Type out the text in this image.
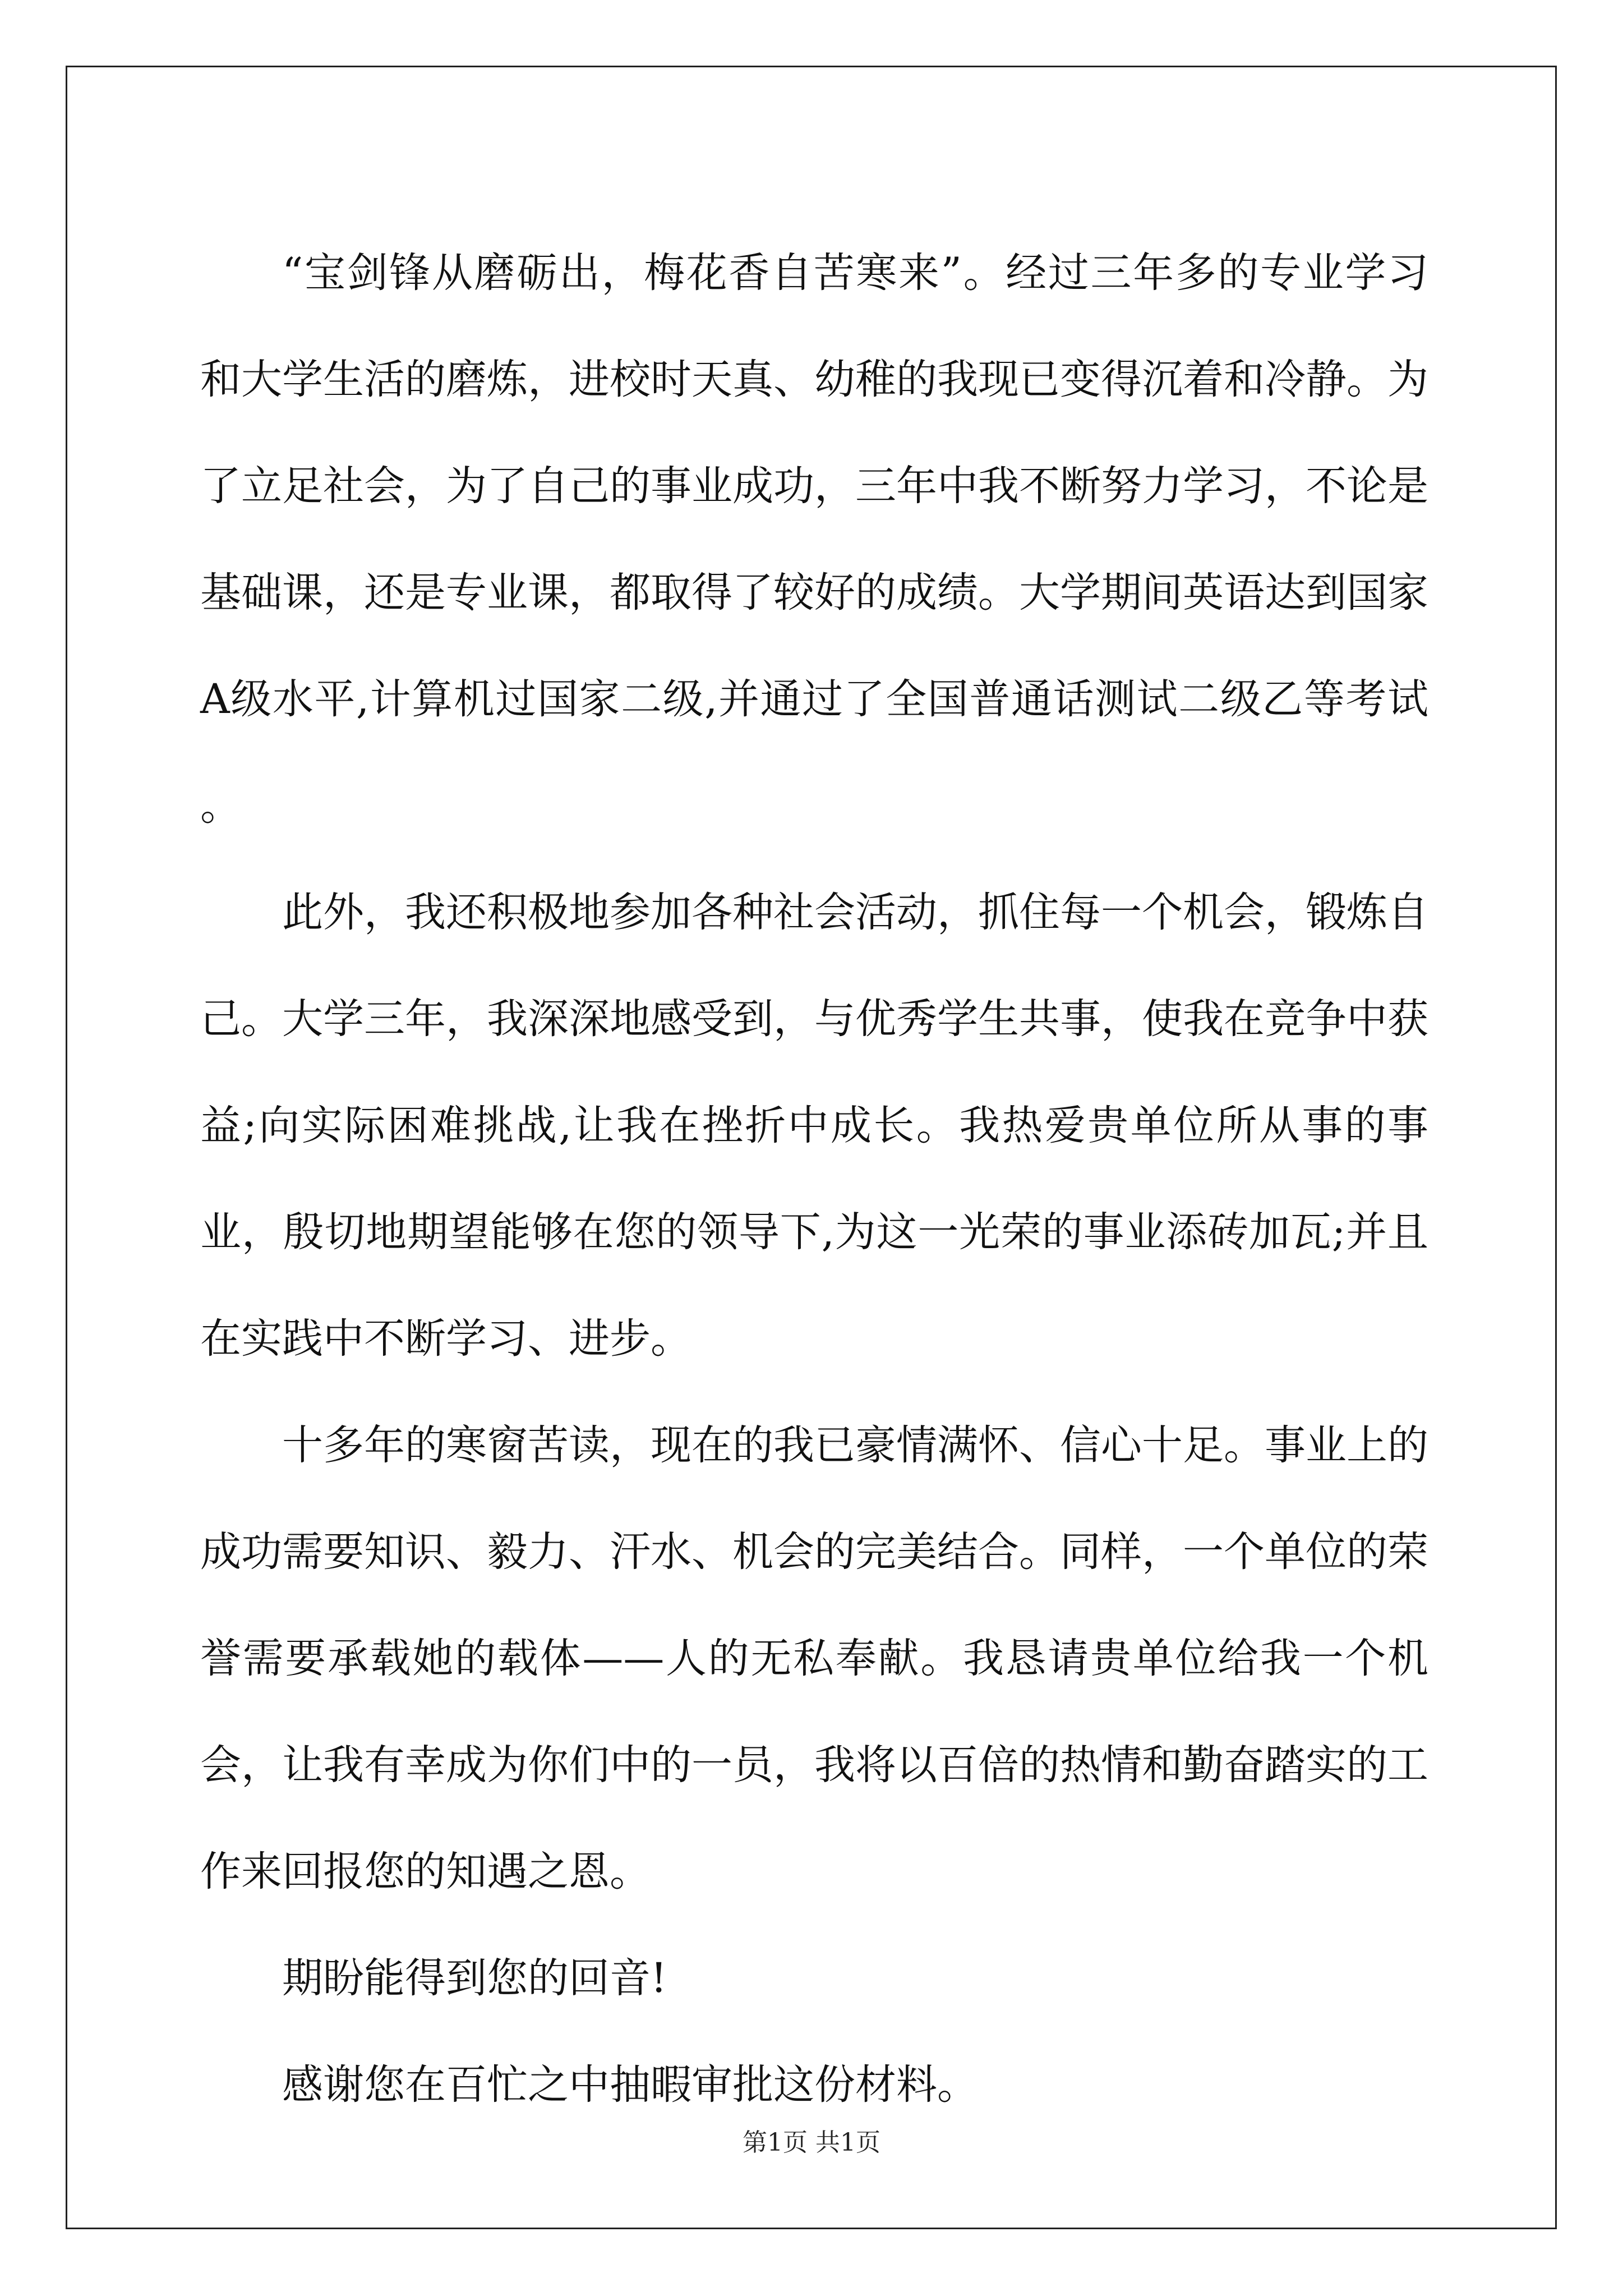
“宝剑锋从磨砺出，梅花香自苦寒来”。经过三年多的专业学习和大学生活的磨炼，进校时天真、幼稚的我现已变得沉着和冷静。为了立足社会，为了自己的事业成功，三年中我不断努力学习，不论是基础课，还是专业课，都取得了较好的成绩。大学期间英语达到国家A级水平,计算机过国家二级,并通过了全国普通话测试二级乙等考试 。

此外，我还积极地参加各种社会活动，抓住每一个机会，锻炼自己。大学三年，我深深地感受到，与优秀学生共事，使我在竞争中获益;向实际困难挑战,让我在挫折中成长。我热爱贵单位所从事的事业，殷切地期望能够在您的领导下,为这一光荣的事业添砖加瓦;并且在实践中不断学习、进步。

十多年的寒窗苦读，现在的我已豪情满怀、信心十足。事业上的成功需要知识、毅力、汗水、机会的完美结合。同样，一个单位的荣誉需要承载她的载体——人的无私奉献。我恳请贵单位给我一个机会，让我有幸成为你们中的一员，我将以百倍的热情和勤奋踏实的工作来回报您的知遇之恩。

期盼能得到您的回音!

感谢您在百忙之中抽暇审批这份材料。

第1页 共1页
